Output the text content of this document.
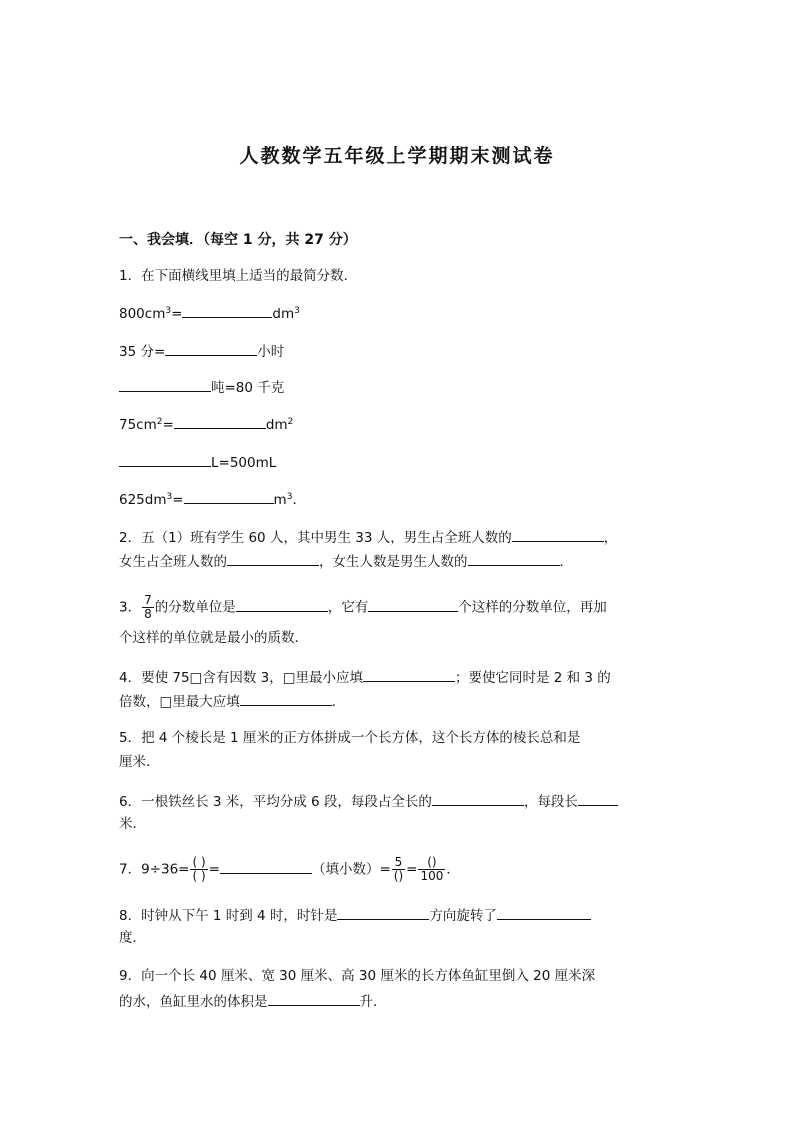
人教数学五年级上学期期末测试卷
一、我会填．（每空 1 分，共 27 分）
1．在下面横线里填上适当的最简分数．
$800cm^3=$	$dm^3$
35 分=	小时
吨=80 千克
$75cm^2=$	$dm^2$
L=500mL
$625dm^3=$	$m^3$．
2．五（1）班有学生 60 人，其中男生 33 人，男生占全班人数的	，
女生占全班人数的	，女生人数是男生人数的	．
3． $\frac{7}{8}$ 的分数单位是	，它有	个这样的分数单位，再加
个这样的单位就是最小的质数．
4．要使 75□含有因数 3，□里最小应填	；要使它同时是 2 和 3 的
倍数，□里最大应填	．
5．把 4 个棱长是 1 厘米的正方体拼成一个长方体，这个长方体的棱长总和是
厘米．
6．一根铁丝长 3 米，平均分成 6 段，每段占全长的	，每段长
米．
7．$9\div 36= \frac{( )}{( )}$ =	（填小数）= $\frac{5}{()} = \frac{()}{100}$ ．
8．时钟从下午 1 时到 4 时，时针是	方向旋转了
度．
9．向一个长 40 厘米、宽 30 厘米、高 30 厘米的长方体鱼缸里倒入 20 厘米深
的水，鱼缸里水的体积是	升．
